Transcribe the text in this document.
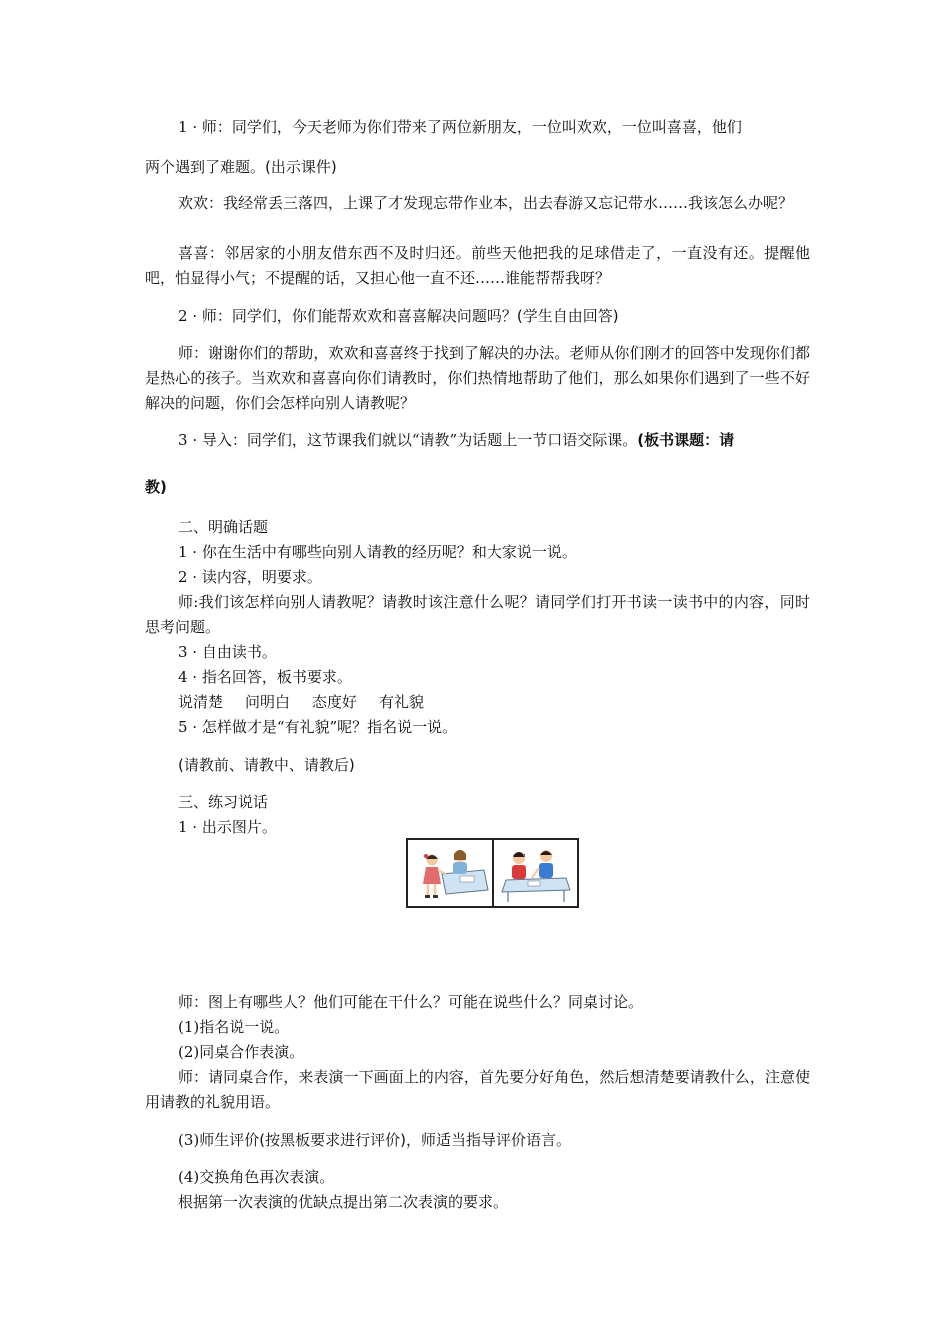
1 · 师：同学们，今天老师为你们带来了两位新朋友，一位叫欢欢，一位叫喜喜，他们

两个遇到了难题。(出示课件)

欢欢：我经常丢三落四，上课了才发现忘带作业本，出去春游又忘记带水……我该怎么办呢？

喜喜：邻居家的小朋友借东西不及时归还。前些天他把我的足球借走了，一直没有还。提醒他吧，怕显得小气；不提醒的话，又担心他一直不还……谁能帮帮我呀？

2 · 师：同学们，你们能帮欢欢和喜喜解决问题吗？(学生自由回答)

师：谢谢你们的帮助，欢欢和喜喜终于找到了解决的办法。老师从你们刚才的回答中发现你们都是热心的孩子。当欢欢和喜喜向你们请教时，你们热情地帮助了他们，那么如果你们遇到了一些不好解决的问题，你们会怎样向别人请教呢？

3 · 导入：同学们，这节课我们就以“请教”为话题上一节口语交际课。(板书课题：请

教)

二、明确话题

1 · 你在生活中有哪些向别人请教的经历呢？和大家说一说。

2 · 读内容，明要求。

师:我们该怎样向别人请教呢？请教时该注意什么呢？请同学们打开书读一读书中的内容，同时思考问题。

3 · 自由读书。

4 · 指名回答，板书要求。

说清楚 问明白 态度好 有礼貌

5 · 怎样做才是“有礼貌”呢？指名说一说。

(请教前、请教中、请教后)

三、练习说话

1 · 出示图片。

师：图上有哪些人？他们可能在干什么？可能在说些什么？同桌讨论。

(1)指名说一说。

(2)同桌合作表演。

师：请同桌合作，来表演一下画面上的内容，首先要分好角色，然后想清楚要请教什么，注意使用请教的礼貌用语。

(3)师生评价(按黑板要求进行评价)，师适当指导评价语言。

(4)交换角色再次表演。

根据第一次表演的优缺点提出第二次表演的要求。
